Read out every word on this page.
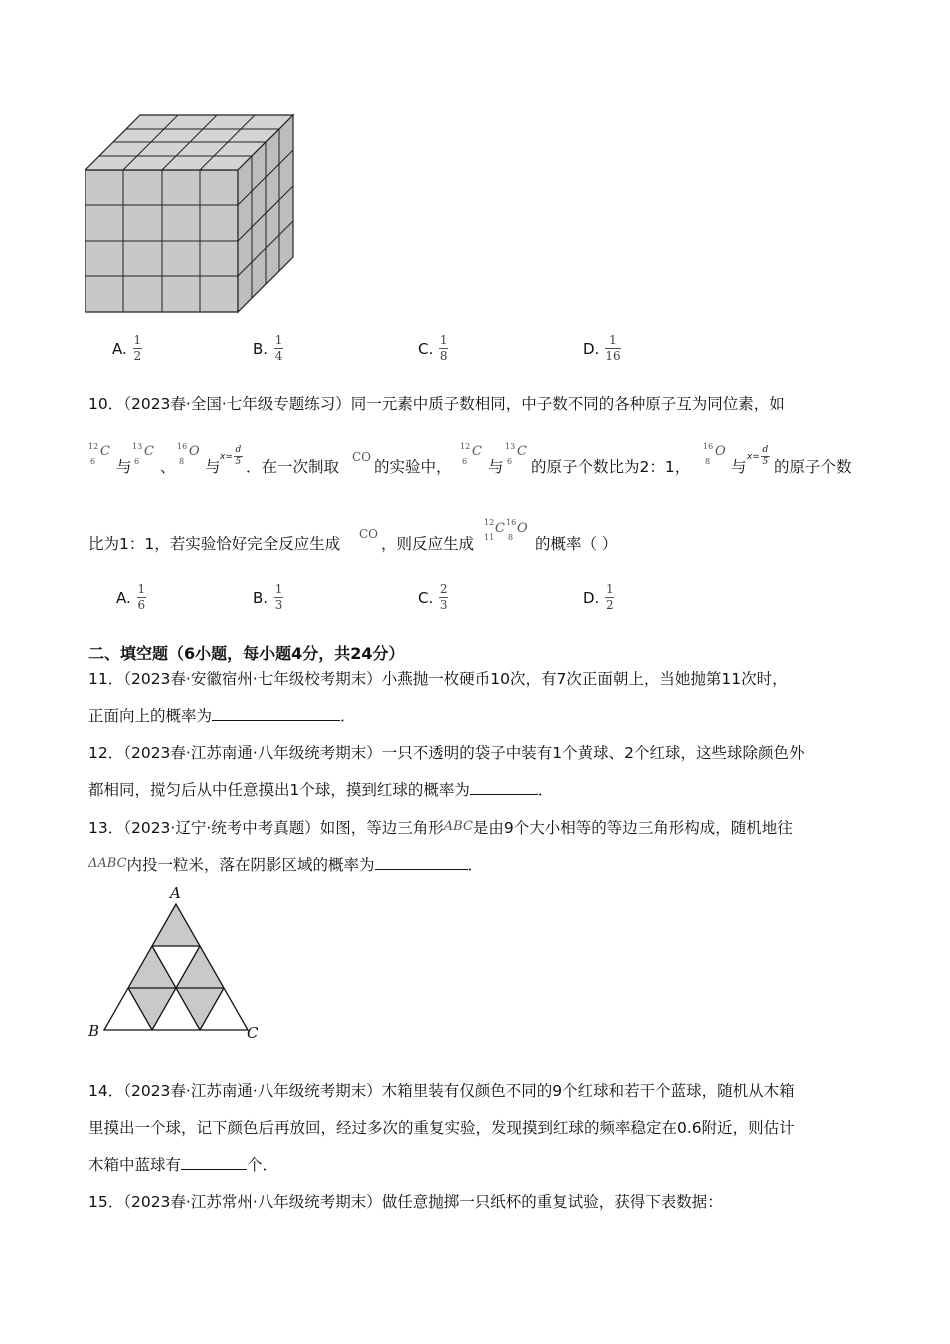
A. $\frac{1}{2}$	B. $\frac{1}{4}$	C. $\frac{1}{8}$	D. $\frac{1}{16}$
10．（2023春·全国·七年级专题练习）同一元素中质子数相同，中子数不同的各种原子互为同位素，如
12
6
C
与
13
6
C
、
16
8
O
与
$x= \frac{d}{5}$ ．在一次制取
CO
的实验中，
12
6
C
与
13
6
C
的原子个数比为2：1，
16
8
O
与
$x= \frac{d}{5}$ 的原子个数
比为1：1，若实验恰好完全反应生成
CO
，则反应生成
12
11
C 16
8
O
的概率（ ）
A. $\frac{1}{6}$	B. $\frac{1}{3}$	C. $\frac{2}{3}$	D. $\frac{1}{2}$
二、填空题（6小题，每小题4分，共24分）
11．（2023春·安徽宿州·七年级校考期末）小燕抛一枚硬币10次，有7次正面朝上，当她抛第11次时，
正面向上的概率为	．
12．（2023春·江苏南通·八年级统考期末）一只不透明的袋子中装有1个黄球、2个红球，这些球除颜色外
都相同，搅匀后从中任意摸出1个球，摸到红球的概率为	．
13．（2023·辽宁·统考中考真题）如图，等边三角形ABC是由9个大小相等的等边三角形构成，随机地往
ΔABC内投一粒米，落在阴影区域的概率为	．
A
B	C
14．（2023春·江苏南通·八年级统考期末）木箱里装有仅颜色不同的9个红球和若干个蓝球，随机从木箱
里摸出一个球，记下颜色后再放回，经过多次的重复实验，发现摸到红球的频率稳定在0.6附近，则估计
木箱中蓝球有	个．
15．（2023春·江苏常州·八年级统考期末）做任意抛掷一只纸杯的重复试验，获得下表数据：
